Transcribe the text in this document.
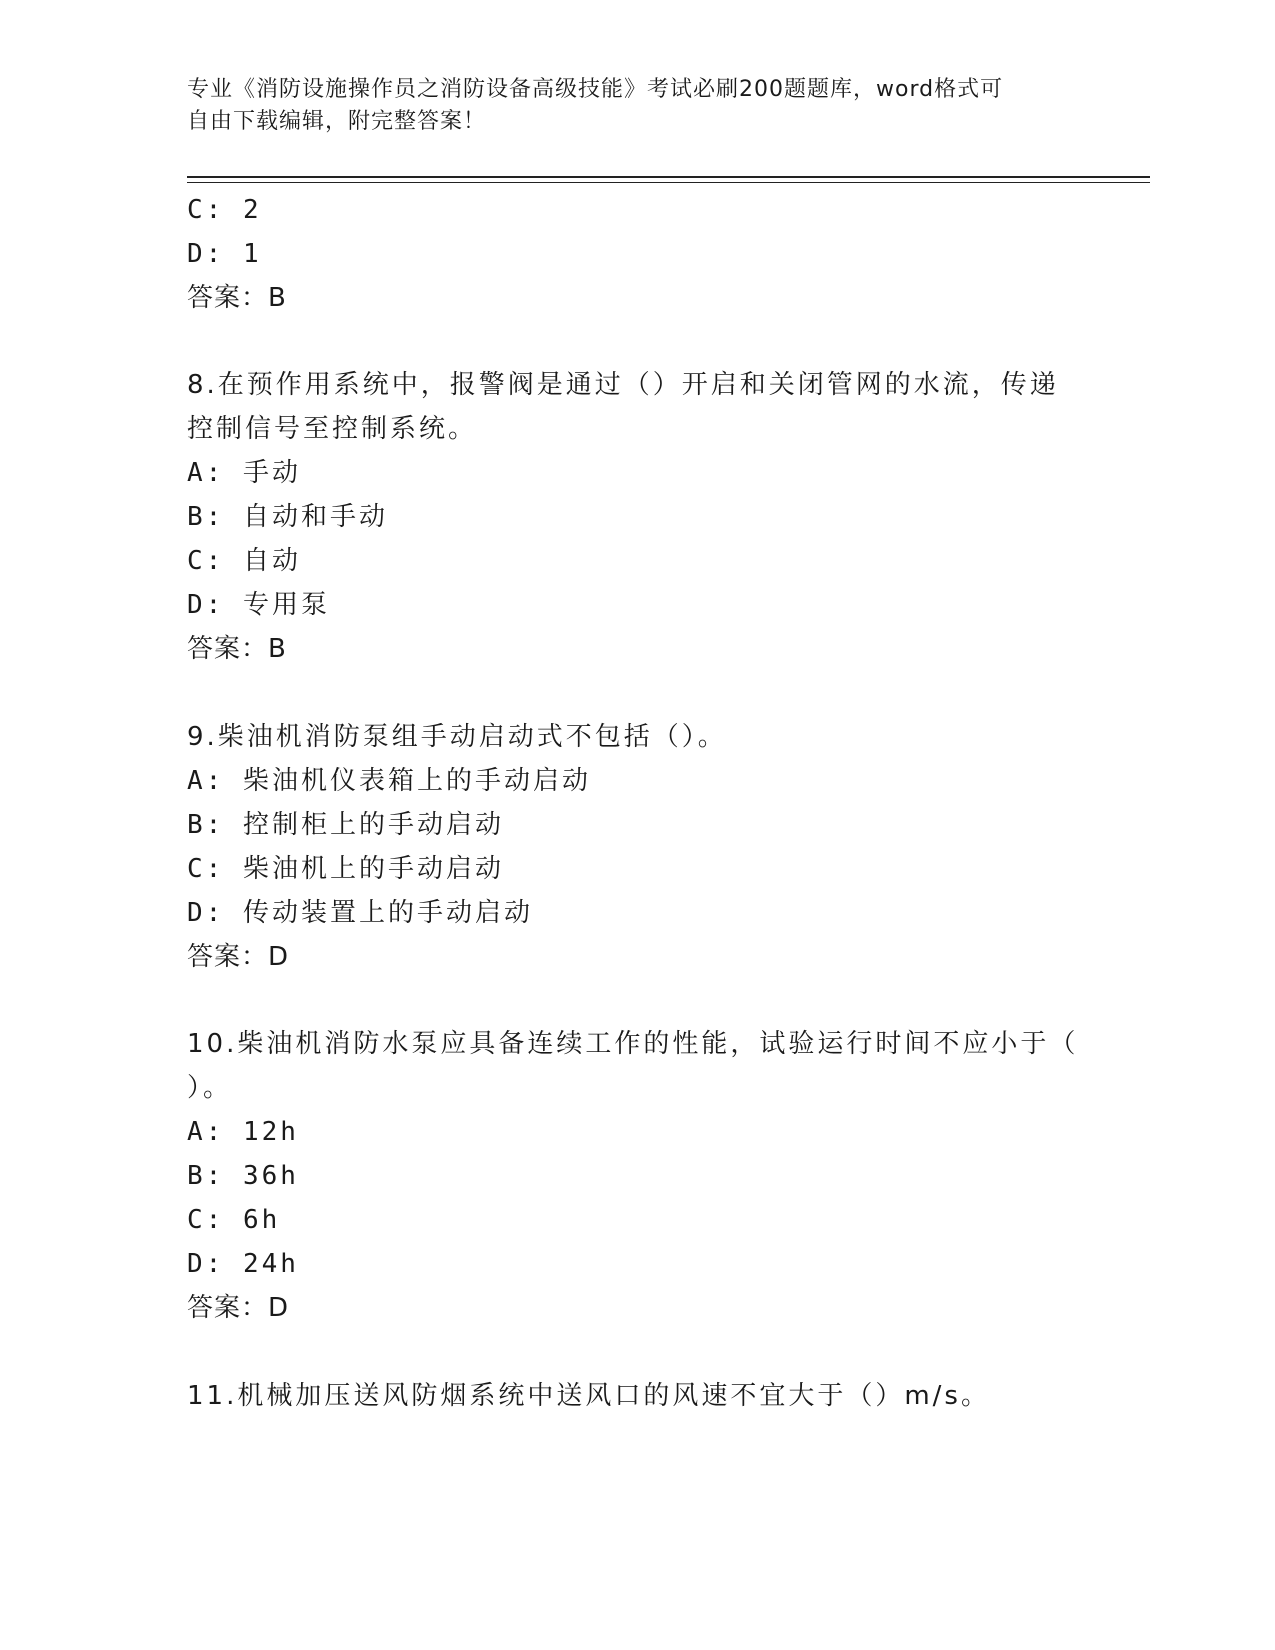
专业《消防设施操作员之消防设备高级技能》考试必刷200题题库，word格式可
自由下载编辑，附完整答案！
C: 2
D: 1
答案：B
8.在预作用系统中，报警阀是通过（）开启和关闭管网的水流，传递
控制信号至控制系统。
A: 手动
B: 自动和手动
C: 自动
D: 专用泵
答案：B
9.柴油机消防泵组手动启动式不包括（）。
A: 柴油机仪表箱上的手动启动
B: 控制柜上的手动启动
C: 柴油机上的手动启动
D: 传动装置上的手动启动
答案：D
10.柴油机消防水泵应具备连续工作的性能，试验运行时间不应小于（
）。
A: 12h
B: 36h
C: 6h
D: 24h
答案：D
11.机械加压送风防烟系统中送风口的风速不宜大于（）m/s。
